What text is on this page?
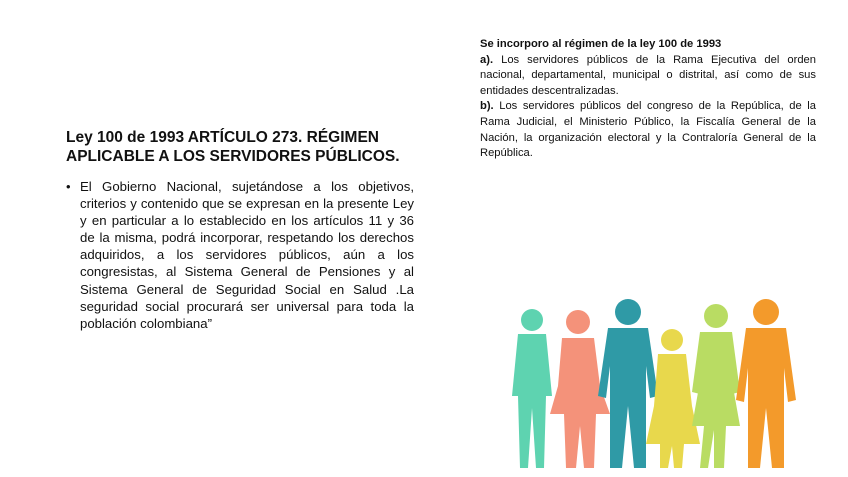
Ley 100 de 1993 ARTÍCULO 273. RÉGIMEN APLICABLE A LOS SERVIDORES PÚBLICOS.
• El Gobierno Nacional, sujetándose a los objetivos, criterios y contenido que se expresan en la presente Ley y en particular a lo establecido en los artículos 11 y 36 de la misma, podrá incorporar, respetando los derechos adquiridos, a los servidores públicos, aún a los congresistas, al Sistema General de Pensiones y al Sistema General de Seguridad Social en Salud .La seguridad social procurará ser universal para toda la población colombiana”
Se incorporo al régimen de la ley 100 de 1993
a). Los servidores públicos de la Rama Ejecutiva del orden nacional, departamental, municipal o distrital, así como de sus entidades descentralizadas.
b). Los servidores públicos del congreso de la República, de la Rama Judicial, el Ministerio Público, la Fiscalía General de la Nación, la organización electoral y la Contraloría General de la República.
